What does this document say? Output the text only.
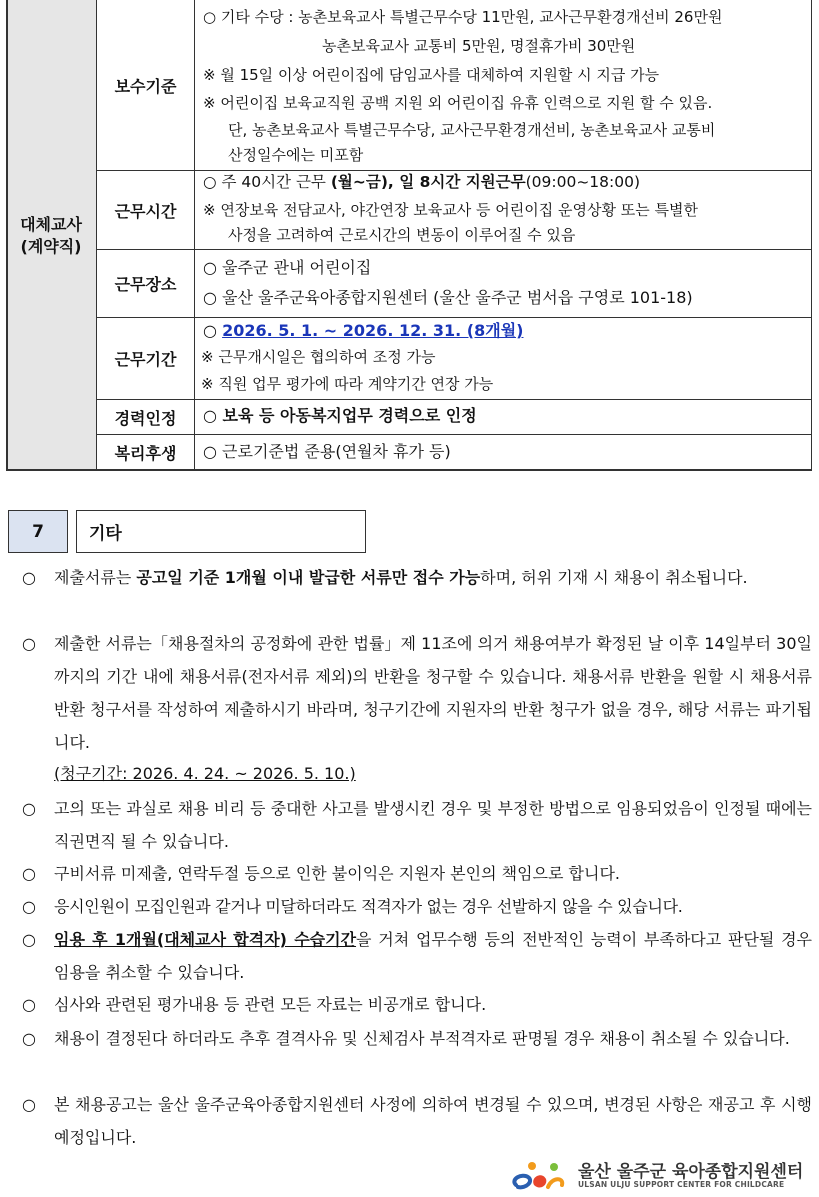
대체교사
(계약직)
보수기준
근무시간
근무장소
근무기간
경력인정
복리후생
○ 기타 수당 : 농촌보육교사 특별근무수당 11만원, 교사근무환경개선비 26만원
농촌보육교사 교통비 5만원, 명절휴가비 30만원
※ 월 15일 이상 어린이집에 담임교사를 대체하여 지원할 시 지급 가능
※ 어린이집 보육교직원 공백 지원 외 어린이집 유휴 인력으로 지원 할 수 있음.
단, 농촌보육교사 특별근무수당, 교사근무환경개선비, 농촌보육교사 교통비
산정일수에는 미포함
○ 주 40시간 근무 (월~금), 일 8시간 지원근무(09:00~18:00)
※ 연장보육 전담교사, 야간연장 보육교사 등 어린이집 운영상황 또는 특별한
사정을 고려하여 근로시간의 변동이 이루어질 수 있음
○ 울주군 관내 어린이집
○ 울산 울주군육아종합지원센터 (울산 울주군 범서읍 구영로 101-18)
○ 2026. 5. 1. ~ 2026. 12. 31. (8개월)
※ 근무개시일은 협의하여 조정 가능
※ 직원 업무 평가에 따라 계약기간 연장 가능
○ 보육 등 아동복지업무 경력으로 인정
○ 근로기준법 준용(연월차 휴가 등)
7	기타
○ 제출서류는 공고일 기준 1개월 이내 발급한 서류만 접수 가능하며, 허위 기재 시 채용이 취소됩니다.
○ 제출한 서류는「채용절차의 공정화에 관한 법률」제 11조에 의거 채용여부가 확정된 날 이후 14일부터 30일까지의 기간 내에 채용서류(전자서류 제외)의 반환을 청구할 수 있습니다. 채용서류 반환을 원할 시 채용서류 반환 청구서를 작성하여 제출하시기 바라며, 청구기간에 지원자의 반환 청구가 없을 경우, 해당 서류는 파기됩니다.
(청구기간: 2026. 4. 24. ~ 2026. 5. 10.)
○ 고의 또는 과실로 채용 비리 등 중대한 사고를 발생시킨 경우 및 부정한 방법으로 임용되었음이 인정될 때에는 직권면직 될 수 있습니다.
○ 구비서류 미제출, 연락두절 등으로 인한 불이익은 지원자 본인의 책임으로 합니다.
○ 응시인원이 모집인원과 같거나 미달하더라도 적격자가 없는 경우 선발하지 않을 수 있습니다.
○ 임용 후 1개월(대체교사 합격자) 수습기간을 거쳐 업무수행 등의 전반적인 능력이 부족하다고 판단될 경우 임용을 취소할 수 있습니다.
○ 심사와 관련된 평가내용 등 관련 모든 자료는 비공개로 합니다.
○ 채용이 결정된다 하더라도 추후 결격사유 및 신체검사 부적격자로 판명될 경우 채용이 취소될 수 있습니다.
○ 본 채용공고는 울산 울주군육아종합지원센터 사정에 의하여 변경될 수 있으며, 변경된 사항은 재공고 후 시행 예정입니다.
울산 울주군 육아종합지원센터
ULSAN ULJU SUPPORT CENTER FOR CHILDCARE
